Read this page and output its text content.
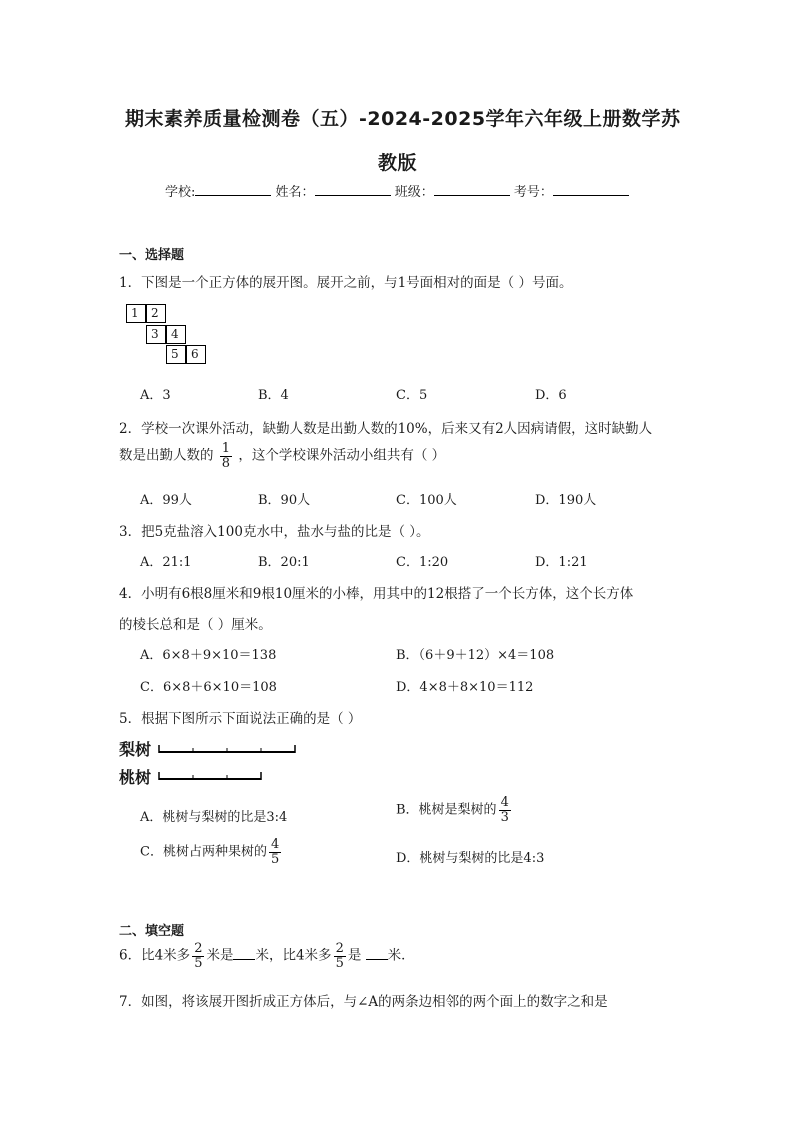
期末素养质量检测卷（五）-2024-2025学年六年级上册数学苏
教版
学校:	姓名：	班级：	考号：
一、选择题
1．下图是一个正方体的展开图。展开之前，与1号面相对的面是（ ）号面。
1	2
3	4
5	6
A．3	B．4	C．5	D．6
2．学校一次课外活动，缺勤人数是出勤人数的10%，后来又有2人因病请假，这时缺勤人
数是出勤人数的 $\frac{1}{8}$ ，这个学校课外活动小组共有（ ）
A．99人	B．90人	C．100人	D．190人
3．把5克盐溶入100克水中，盐水与盐的比是（ ）。
A．21:1	B．20:1	C．1:20	D．1:21
4．小明有6根8厘米和9根10厘米的小棒，用其中的12根搭了一个长方体，这个长方体
的棱长总和是（ ）厘米。
A．6×8＋9×10＝138	B．（6＋9＋12）×4＝108
C．6×8＋6×10＝108	D．4×8＋8×10＝112
5．根据下图所示下面说法正确的是（ ）
梨树
桃树
A．桃树与梨树的比是3:4	B．桃树是梨树的 $\frac{4}{3}$
C．桃树占两种果树的 $\frac{4}{5}$	D．桃树与梨树的比是4:3
二、填空题
6．比4米多 $\frac{2}{5}$ 米是 米，比4米多 $\frac{2}{5}$ 是 米．
7．如图，将该展开图折成正方体后，与∠A的两条边相邻的两个面上的数字之和是
